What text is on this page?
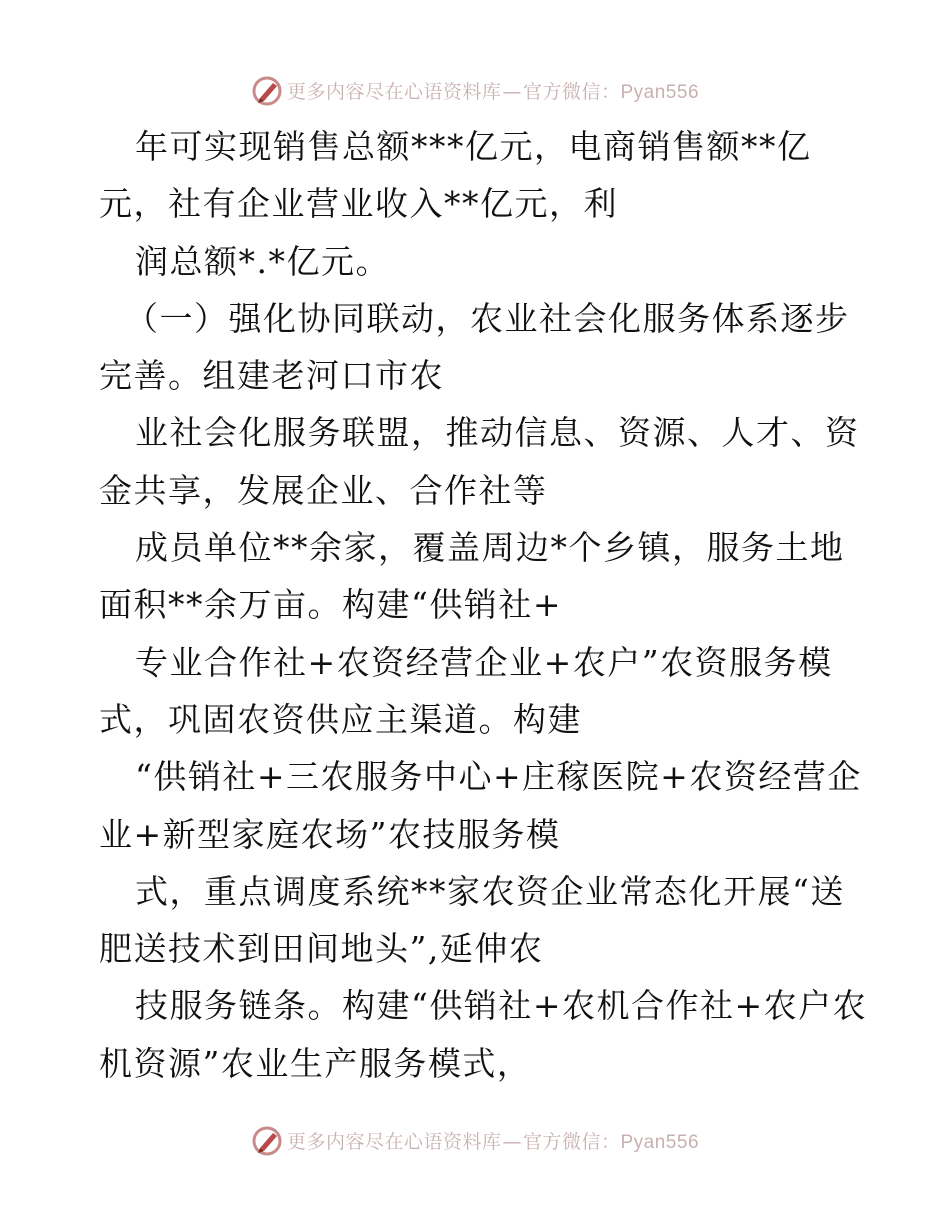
更多内容尽在心语资料库—官方微信：Pyan556
年可实现销售总额***亿元，电商销售额**亿
元，社有企业营业收入**亿元，利
润总额*.*亿元。
（一）强化协同联动，农业社会化服务体系逐步
完善。组建老河口市农
业社会化服务联盟，推动信息、资源、人才、资
金共享，发展企业、合作社等
成员单位**余家，覆盖周边*个乡镇，服务土地
面积**余万亩。构建“供销社+
专业合作社+农资经营企业+农户”农资服务模
式，巩固农资供应主渠道。构建
“供销社+三农服务中心+庄稼医院+农资经营企
业+新型家庭农场”农技服务模
式，重点调度系统**家农资企业常态化开展“送
肥送技术到田间地头”,延伸农
技服务链条。构建“供销社+农机合作社+农户农
机资源”农业生产服务模式，
更多内容尽在心语资料库—官方微信：Pyan556
